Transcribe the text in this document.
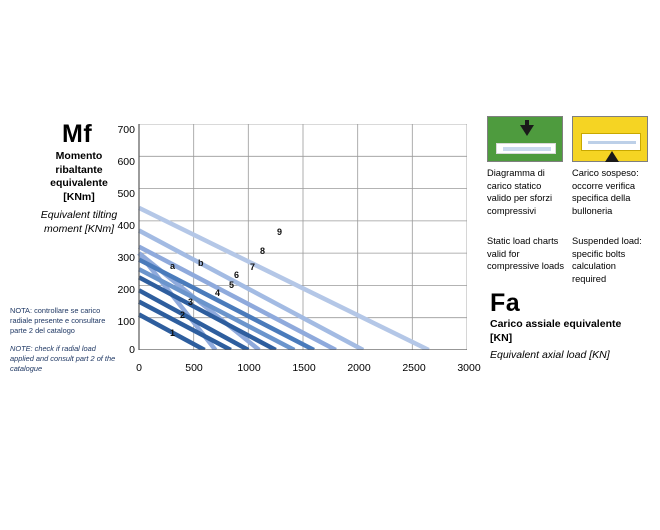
Mf
Momento ribaltante equivalente [KNm]
Equivalent tilting moment [KNm]
NOTA: controllare se carico radiale presente e consultare parte 2 del catalogo
NOTE: check if radial load applied and consult part 2 of the catalogue
700
600
500
400
300
200
100
0
0	500	1000	1500	2000	2500	3000
1
2
3
4
5
6
7
8
9
a	b
Diagramma di carico statico valido per sforzi compressivi
Carico sospeso: occorre verifica specifica della bulloneria
Static load charts valid for compressive loads
Suspended load: specific bolts calculation required
Fa
Carico assiale equivalente [KN]
Equivalent axial load [KN]
